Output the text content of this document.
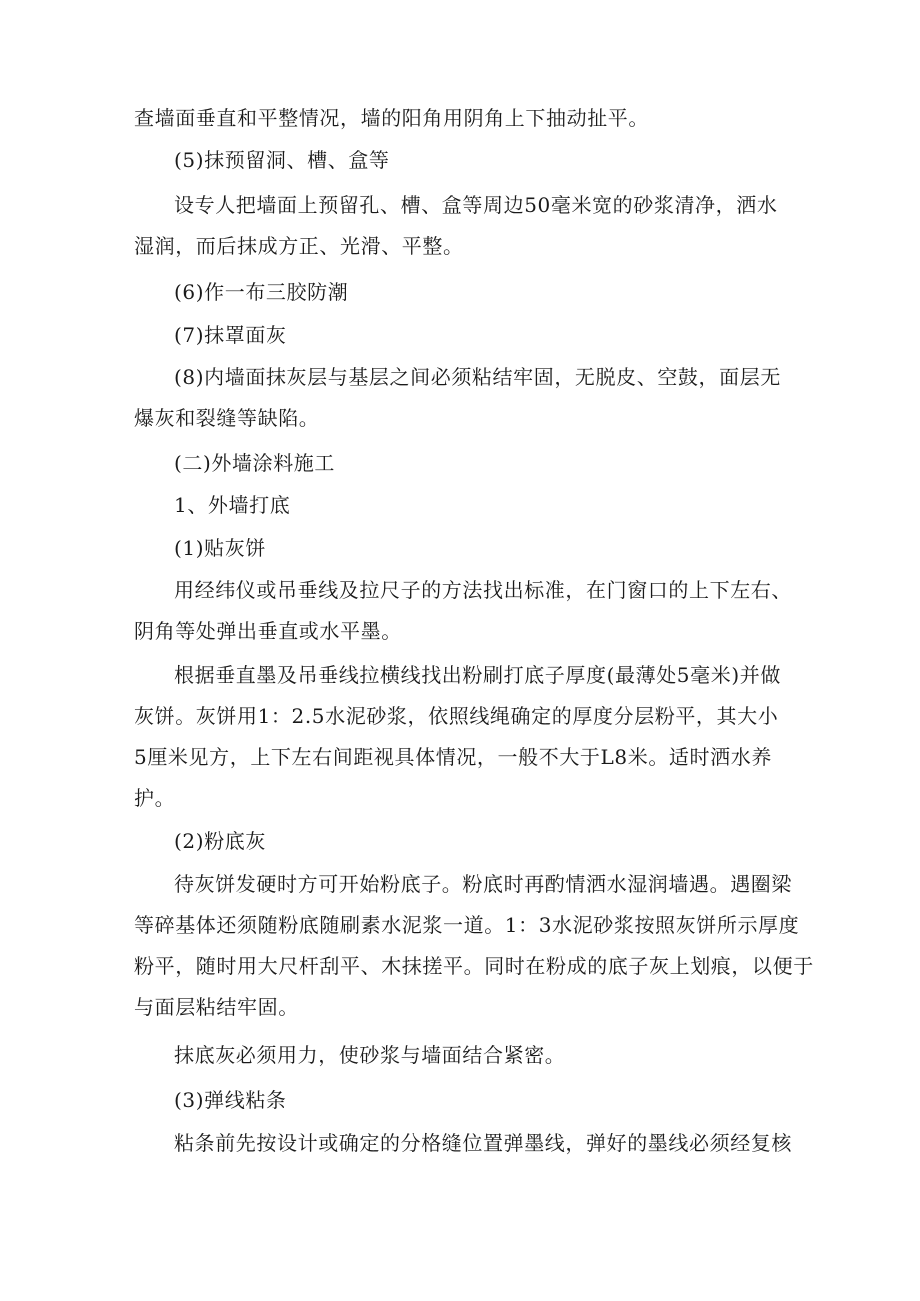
查墙面垂直和平整情况，墙的阳角用阴角上下抽动扯平。

(5)抹预留洞、槽、盒等

设专人把墙面上预留孔、槽、盒等周边50毫米宽的砂浆清净，洒水
湿润，而后抹成方正、光滑、平整。

(6)作一布三胶防潮

(7)抹罩面灰

(8)内墙面抹灰层与基层之间必须粘结牢固，无脱皮、空鼓，面层无
爆灰和裂缝等缺陷。

(二)外墙涂料施工

1、外墙打底

(1)贴灰饼

用经纬仪或吊垂线及拉尺子的方法找出标准，在门窗口的上下左右、
阴角等处弹出垂直或水平墨。

根据垂直墨及吊垂线拉横线找出粉刷打底子厚度(最薄处5毫米)并做
灰饼。灰饼用1：2.5水泥砂浆，依照线绳确定的厚度分层粉平，其大小
5厘米见方，上下左右间距视具体情况，一般不大于L8米。适时洒水养
护。

(2)粉底灰

待灰饼发硬时方可开始粉底子。粉底时再酌情洒水湿润墙遇。遇圈梁
等碎基体还须随粉底随刷素水泥浆一道。1：3水泥砂浆按照灰饼所示厚度
粉平，随时用大尺杆刮平、木抹搓平。同时在粉成的底子灰上划痕，以便于
与面层粘结牢固。

抹底灰必须用力，使砂浆与墙面结合紧密。

(3)弹线粘条

粘条前先按设计或确定的分格缝位置弹墨线，弹好的墨线必须经复核
